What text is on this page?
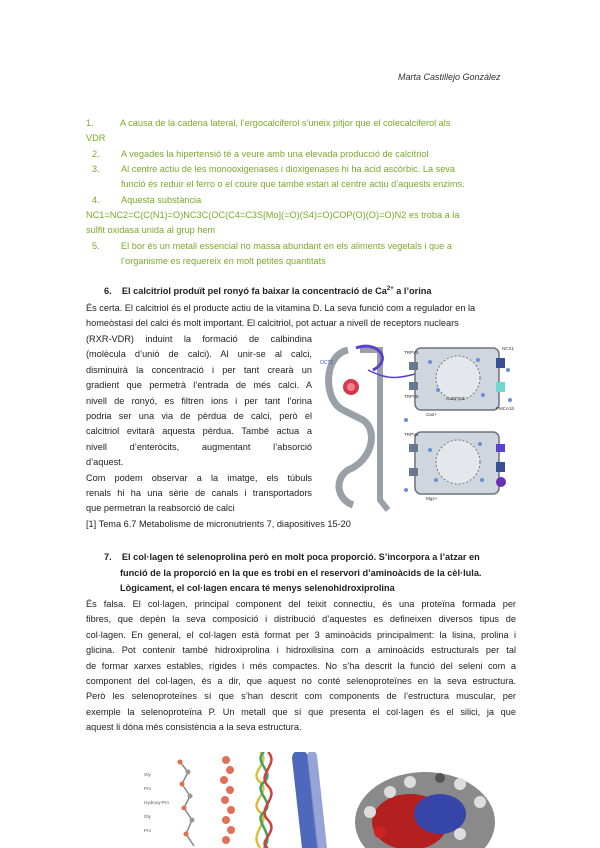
Marta Castillejo González
1.	A causa de la cadena lateral, l’ergocalciferol s’uneix pitjor que el colecalciferol als
VDR
2. A vegades la hipertensió té a veure amb una elevada producció de calcitriol
3. Al centre actiu de les monooxigenases i dioxigenases hi ha àcid ascòrbic. La seva
funció és reduir el ferro o el coure que també estan al centre actiu d’aquests enzims.
4. Aquesta substància
NC1=NC2=C(C(N1)=O)NC3C(OC(C4=C3S[Mo](=O)(S4)=O)COP(O)(O)=O)N2 es troba a la
sulfit oxidasa unida al grup hem
5. El bor és un metall essencial no massa abundant en els aliments vegetals i que a
l’organisme es requereix en molt petites quantitats
6. El calcitriol produït pel ronyó fa baixar la concentració de $Ca^{2+}$ a l’orina
És certa. El calcitriol és el producte actiu de la vitamina D. La seva funció com a regulador en la
homeòstasi del calci és molt important. El calcitriol, pot actuar a nivell de receptors nuclears
(RXR-VDR) induint la formació de calbindina
(molècula d’unió de calci). Al unir-se al calci,
disminuirà la concentració i per tant crearà un
gradient que permetrà l’entrada de més calci. A
nivell de ronyó, es filtren ions i per tant l’orina
podria ser una via de pèrdua de calci, però el
calcitriol evitarà aquesta pèrdua. També actua a
nivell d’enteròcits, augmentant l’absorció
d’aquest.
Com podem observar a la imatge, els túbuls
renals hi ha una sèrie de canals i transportadors
que permetran la reabsorció de calci
[1] Tema 6.7 Metabolisme de micronutrients 7, diapositives 15-20
OCT1
TRPV5
TRPV6
NCX1
CaBP28k
PMCA1b
TRPV6
Ca2+
Mg2+
7. El col·lagen té selenoprolina però en molt poca proporció. S’incorpora a l’atzar en
funció de la proporció en la que es trobi en el reservori d’aminoàcids de la cèl·lula.
Lògicament, el col·lagen encara té menys selenohidroxiprolina
És falsa. El col·lagen, principal component del teixit connectiu, és una proteïna formada per
fibres, que depèn la seva composició i distribució d’aquestes es defineixen diversos tipus de
col·lagen. En general, el col·lagen està format per 3 aminoàcids principalment: la lisina, prolina i
glicina. Pot contenir també hidroxiprolina i hidroxilisina com a aminoàcids estructurals per tal
de formar xarxes estables, rígides i més compactes. No s’ha descrit la funció del seleni com a
component del col·lagen, és a dir, que aquest no conté selenoproteïnes en la seva estructura.
Però les selenoproteïnes sí que s’han descrit com components de l’estructura muscular, per
exemple la selenoproteïna P. Un metall que sí que presenta el col·lagen és el silici, ja que
aquest li dóna més consistència a la seva estructura.
Gly
Pro
Hydroxy-Pro
Gly
Pro
